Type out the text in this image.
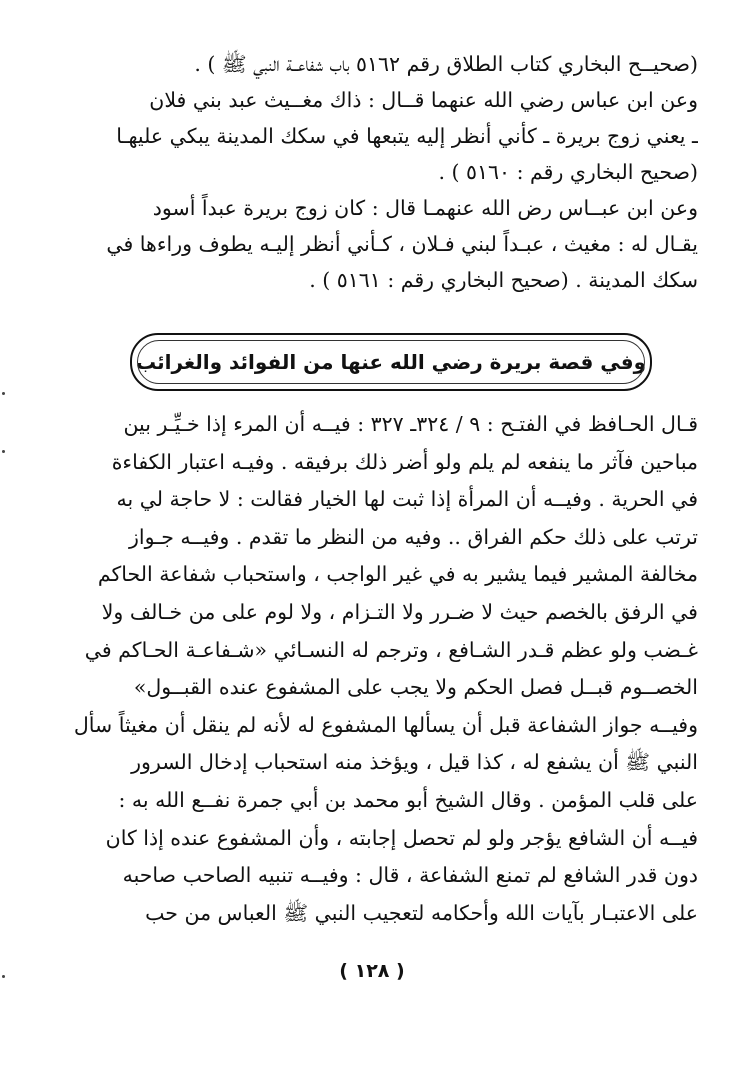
(صحيــح البخاري كتاب الطلاق رقم ٥١٦٢ باب شفاعــة النبي ﷺ ) .
وعن ابن عباس رضي الله عنهما قــال : ذاك مغــيث عبد بني فلان
ـ يعني زوج بريرة ـ كأني أنظر إليه يتبعها في سكك المدينة يبكي عليهـا
(صحيح البخاري رقم : ٥١٦٠ ) .
وعن ابن عبــاس رض الله عنهمـا قال : كان زوج بريرة عبداً أسود
يقـال له : مغيث ، عبـداً لبني فـلان ، كـأني أنظر إليـه يطوف وراءها في
سكك المدينة . (صحيح البخاري رقم : ٥١٦١ ) .
وفي قصة بريرة رضي الله عنها من الفوائد والغرائب
قـال الحـافظ في الفتـح : ٩ / ٣٢٤ـ ٣٢٧ : فيــه أن المرء إذا خـيِّـر بين
مباحين فآثر ما ينفعه لم يلم ولو أضر ذلك برفيقه . وفيـه اعتبار الكفاءة
في الحرية . وفيــه أن المرأة إذا ثبت لها الخيار فقالت : لا حاجة لي به
ترتب على ذلك حكم الفراق .. وفيه من النظر ما تقدم . وفيــه جـواز
مخالفة المشير فيما يشير به في غير الواجب ، واستحباب شفاعة الحاكم
في الرفق بالخصم حيث لا ضـرر ولا التـزام ، ولا لوم على من خـالف ولا
غـضب ولو عظم قـدر الشـافع ، وترجم له النسـائي «شـفاعـة الحـاكم في
الخصــوم قبــل فصل الحكم ولا يجب على المشفوع عنده القبــول»
وفيــه جواز الشفاعة قبل أن يسألها المشفوع له لأنه لم ينقل أن مغيثاً سأل
النبي ﷺ أن يشفع له ، كذا قيل ، ويؤخذ منه استحباب إدخال السرور
على قلب المؤمن . وقال الشيخ أبو محمد بن أبي جمرة نفــع الله به :
فيــه أن الشافع يؤجر ولو لم تحصل إجابته ، وأن المشفوع عنده إذا كان
دون قدر الشافع لم تمنع الشفاعة ، قال : وفيــه تنبيه الصاحب صاحبه
على الاعتبـار بآيات الله وأحكامه لتعجيب النبي ﷺ العباس من حب
( ١٢٨ )
